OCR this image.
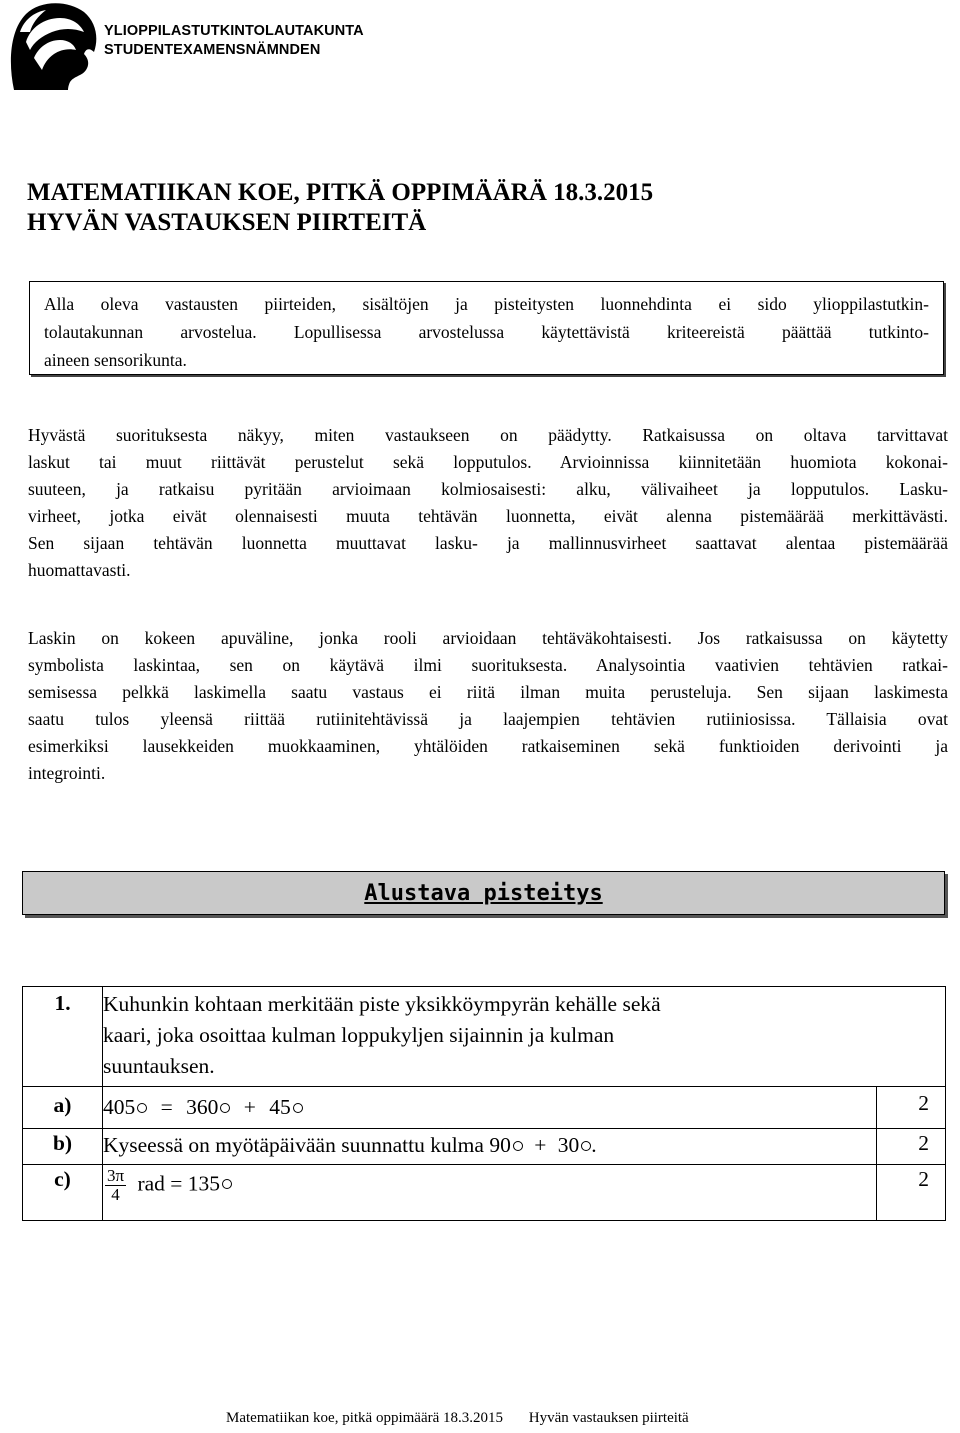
YLIOPPILASTUTKINTOLAUTAKUNTA
STUDENTEXAMENSNÄMNDEN
MATEMATIIKAN KOE, PITKÄ OPPIMÄÄRÄ 18.3.2015
HYVÄN VASTAUKSEN PIIRTEITÄ
Alla oleva vastausten piirteiden, sisältöjen ja pisteitysten luonnehdinta ei sido ylioppilastutkin-
tolautakunnan arvostelua. Lopullisessa arvostelussa käytettävistä kriteereistä päättää tutkinto-
aineen sensorikunta.
Hyvästä suorituksesta näkyy, miten vastaukseen on päädytty. Ratkaisussa on oltava tarvittavat
laskut tai muut riittävät perustelut sekä lopputulos. Arvioinnissa kiinnitetään huomiota kokonai-
suuteen, ja ratkaisu pyritään arvioimaan kolmiosaisesti: alku, välivaiheet ja lopputulos. Lasku-
virheet, jotka eivät olennaisesti muuta tehtävän luonnetta, eivät alenna pistemäärää merkittävästi.
Sen sijaan tehtävän luonnetta muuttavat lasku- ja mallinnusvirheet saattavat alentaa pistemäärää
huomattavasti.
Laskin on kokeen apuväline, jonka rooli arvioidaan tehtäväkohtaisesti. Jos ratkaisussa on käytetty
symbolista laskintaa, sen on käytävä ilmi suorituksesta. Analysointia vaativien tehtävien ratkai-
semisessa pelkkä laskimella saatu vastaus ei riitä ilman muita perusteluja. Sen sijaan laskimesta
saatu tulos yleensä riittää rutiinitehtävissä ja laajempien tehtävien rutiiniosissa. Tällaisia ovat
esimerkiksi lausekkeiden muokkaaminen, yhtälöiden ratkaiseminen sekä funktioiden derivointi ja
integrointi.
Alustava pisteitys
1.	Kuhunkin kohtaan merkitään piste yksikköympyrän kehälle sekä
kaari, joka osoittaa kulman loppukyljen sijainnin ja kulman
suuntauksen.	

a)	405 = 360 + 45	2
b)	Kyseessä on myötäpäivään suunnattu kulma 90 + 30 .	2
c)	$\frac{3\pi}{4}$ rad = 135	2
Matematiikan koe, pitkä oppimäärä 18.3.2015 Hyvän vastauksen piirteitä
